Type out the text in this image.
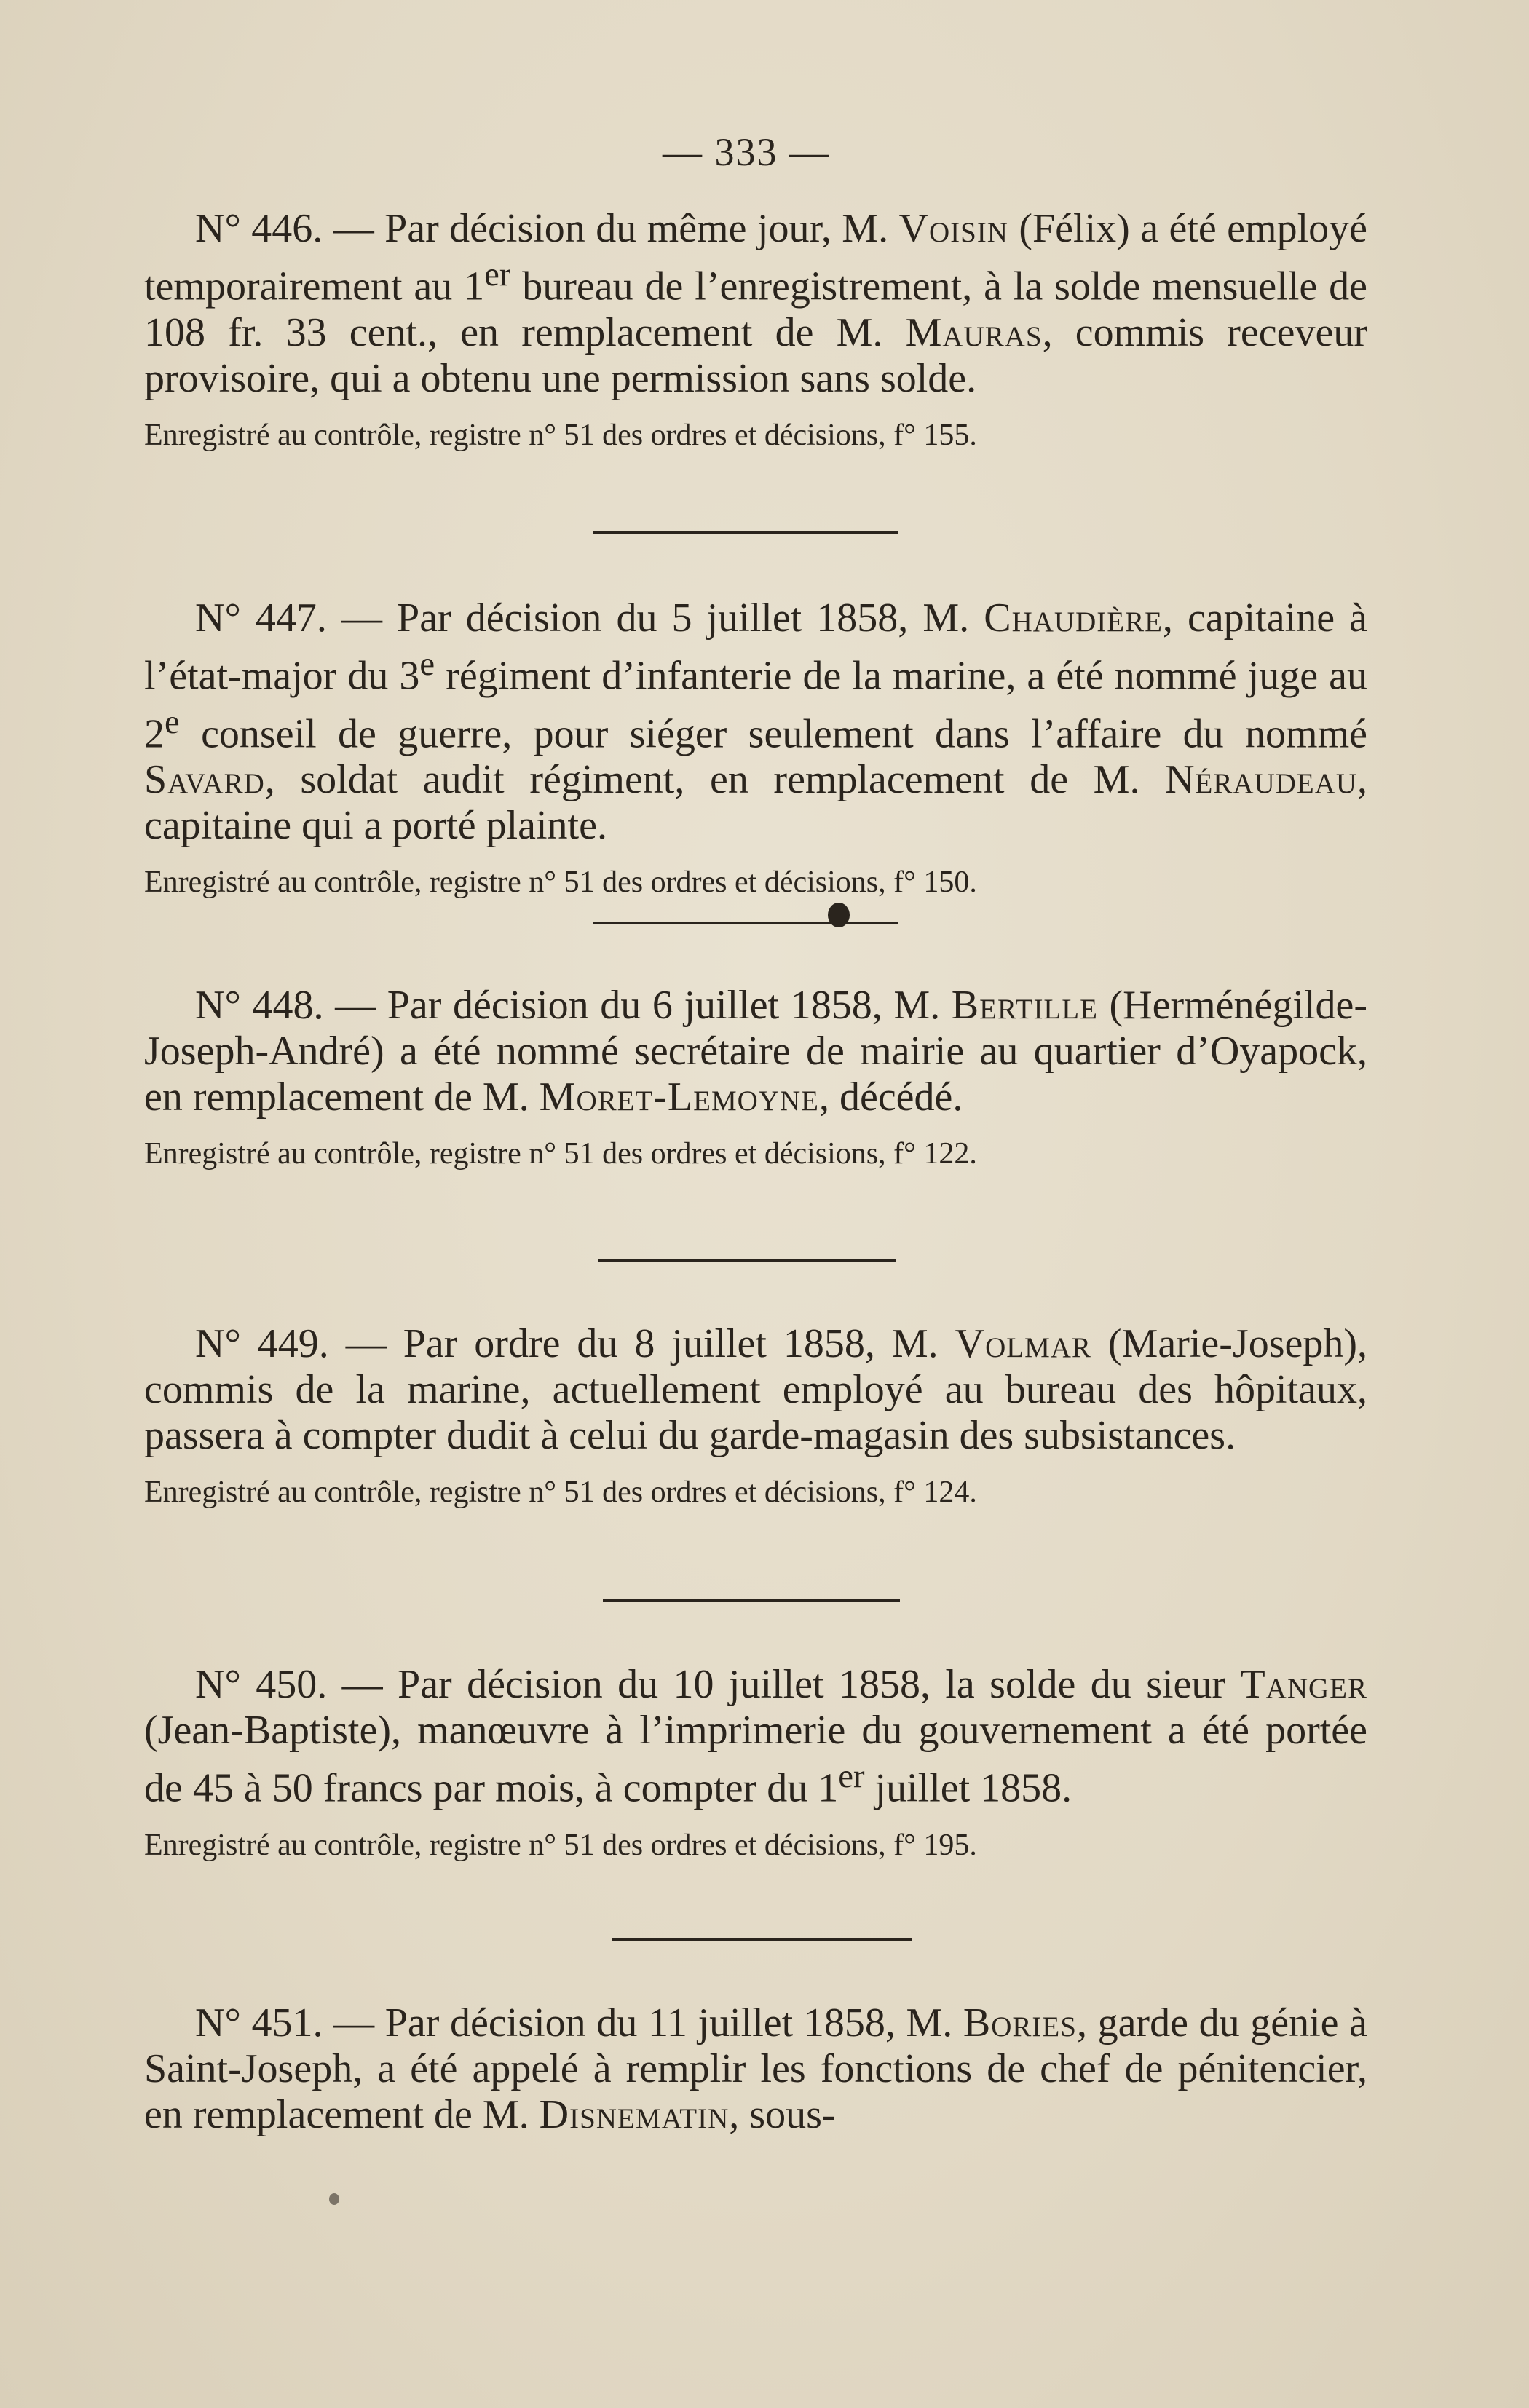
— 333 —

N° 446. — Par décision du même jour, M. Voisin (Félix) a été employé temporairement au 1er bureau de l’enregistrement, à la solde mensuelle de 108 fr. 33 cent., en remplacement de M. Mauras, commis receveur provisoire, qui a obtenu une permission sans solde.

Enregistré au contrôle, registre n° 51 des ordres et décisions, f° 155.

N° 447. — Par décision du 5 juillet 1858, M. Chaudière, capitaine à l’état-major du 3e régiment d’infanterie de la marine, a été nommé juge au 2e conseil de guerre, pour siéger seulement dans l’affaire du nommé Savard, soldat audit régiment, en remplacement de M. Néraudeau, capitaine qui a porté plainte.

Enregistré au contrôle, registre n° 51 des ordres et décisions, f° 150.

N° 448. — Par décision du 6 juillet 1858, M. Bertille (Herménégilde-Joseph-André) a été nommé secrétaire de mairie au quartier d’Oyapock, en remplacement de M. Moret-Lemoyne, décédé.

Enregistré au contrôle, registre n° 51 des ordres et décisions, f° 122.

N° 449. — Par ordre du 8 juillet 1858, M. Volmar (Marie-Joseph), commis de la marine, actuellement employé au bureau des hôpitaux, passera à compter dudit à celui du garde-magasin des subsistances.

Enregistré au contrôle, registre n° 51 des ordres et décisions, f° 124.

N° 450. — Par décision du 10 juillet 1858, la solde du sieur Tanger (Jean-Baptiste), manœuvre à l’imprimerie du gouvernement a été portée de 45 à 50 francs par mois, à compter du 1er juillet 1858.

Enregistré au contrôle, registre n° 51 des ordres et décisions, f° 195.

N° 451. — Par décision du 11 juillet 1858, M. Bories, garde du génie à Saint-Joseph, a été appelé à remplir les fonctions de chef de pénitencier, en remplacement de M. Disnematin, sous-
